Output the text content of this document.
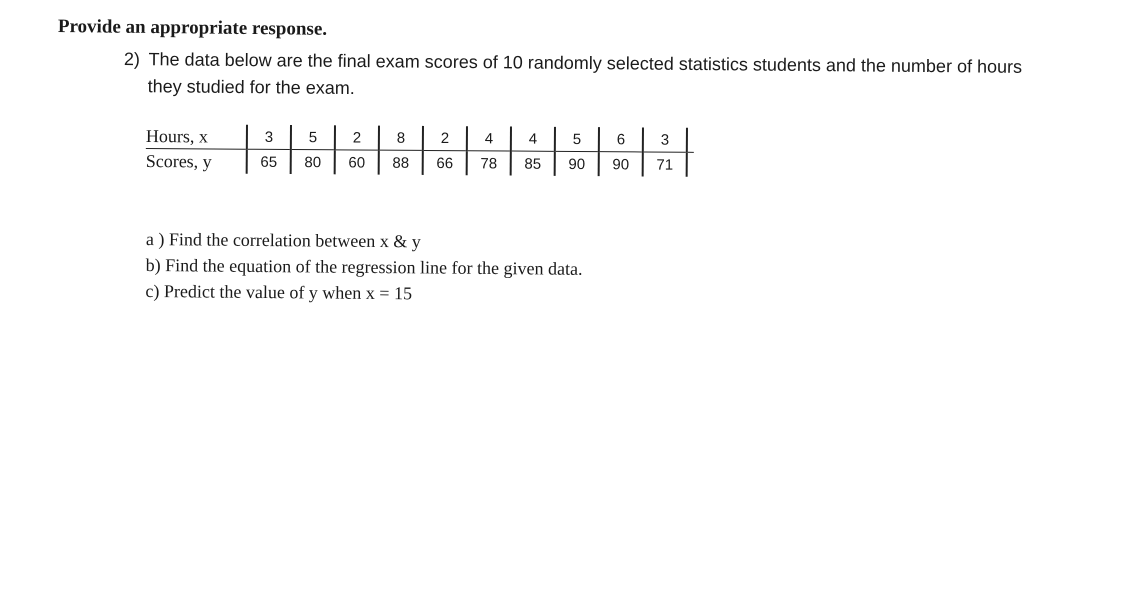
Provide an appropriate response.
2) The data below are the final exam scores of 10 randomly selected statistics students and the number of hours
they studied for the exam.
Hours, x	3	5	2	8	2	4	4	5	6	3	
Scores, y	65	80	60	88	66	78	85	90	90	71	
a ) Find the correlation between x & y
b) Find the equation of the regression line for the given data.
c) Predict the value of y when x = 15
